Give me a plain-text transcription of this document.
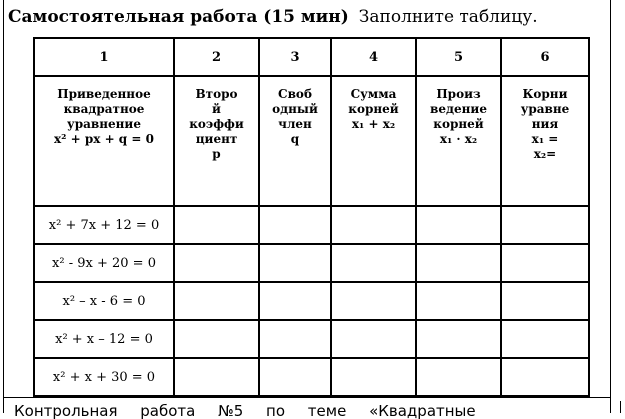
Самостоятельная работа (15 мин) Заполните таблицу.
1	2	3	4	5	6

Приведенное
квадратное
уравнение
x² + px + q = 0	Второ
й
коэффи
циент
p	Своб
одный
член
q	Сумма
корней
x₁ + x₂	Произ
ведение
корней
x₁ · x₂	Корни
уравне
ния
x₁ =
x₂=

x² + 7x + 12 = 0					
x² - 9x + 20 = 0					
x² – x - 6 = 0					
x² + x – 12 = 0					
x² + x + 30 = 0					
Контрольная работа №5 по теме «Квадратные
